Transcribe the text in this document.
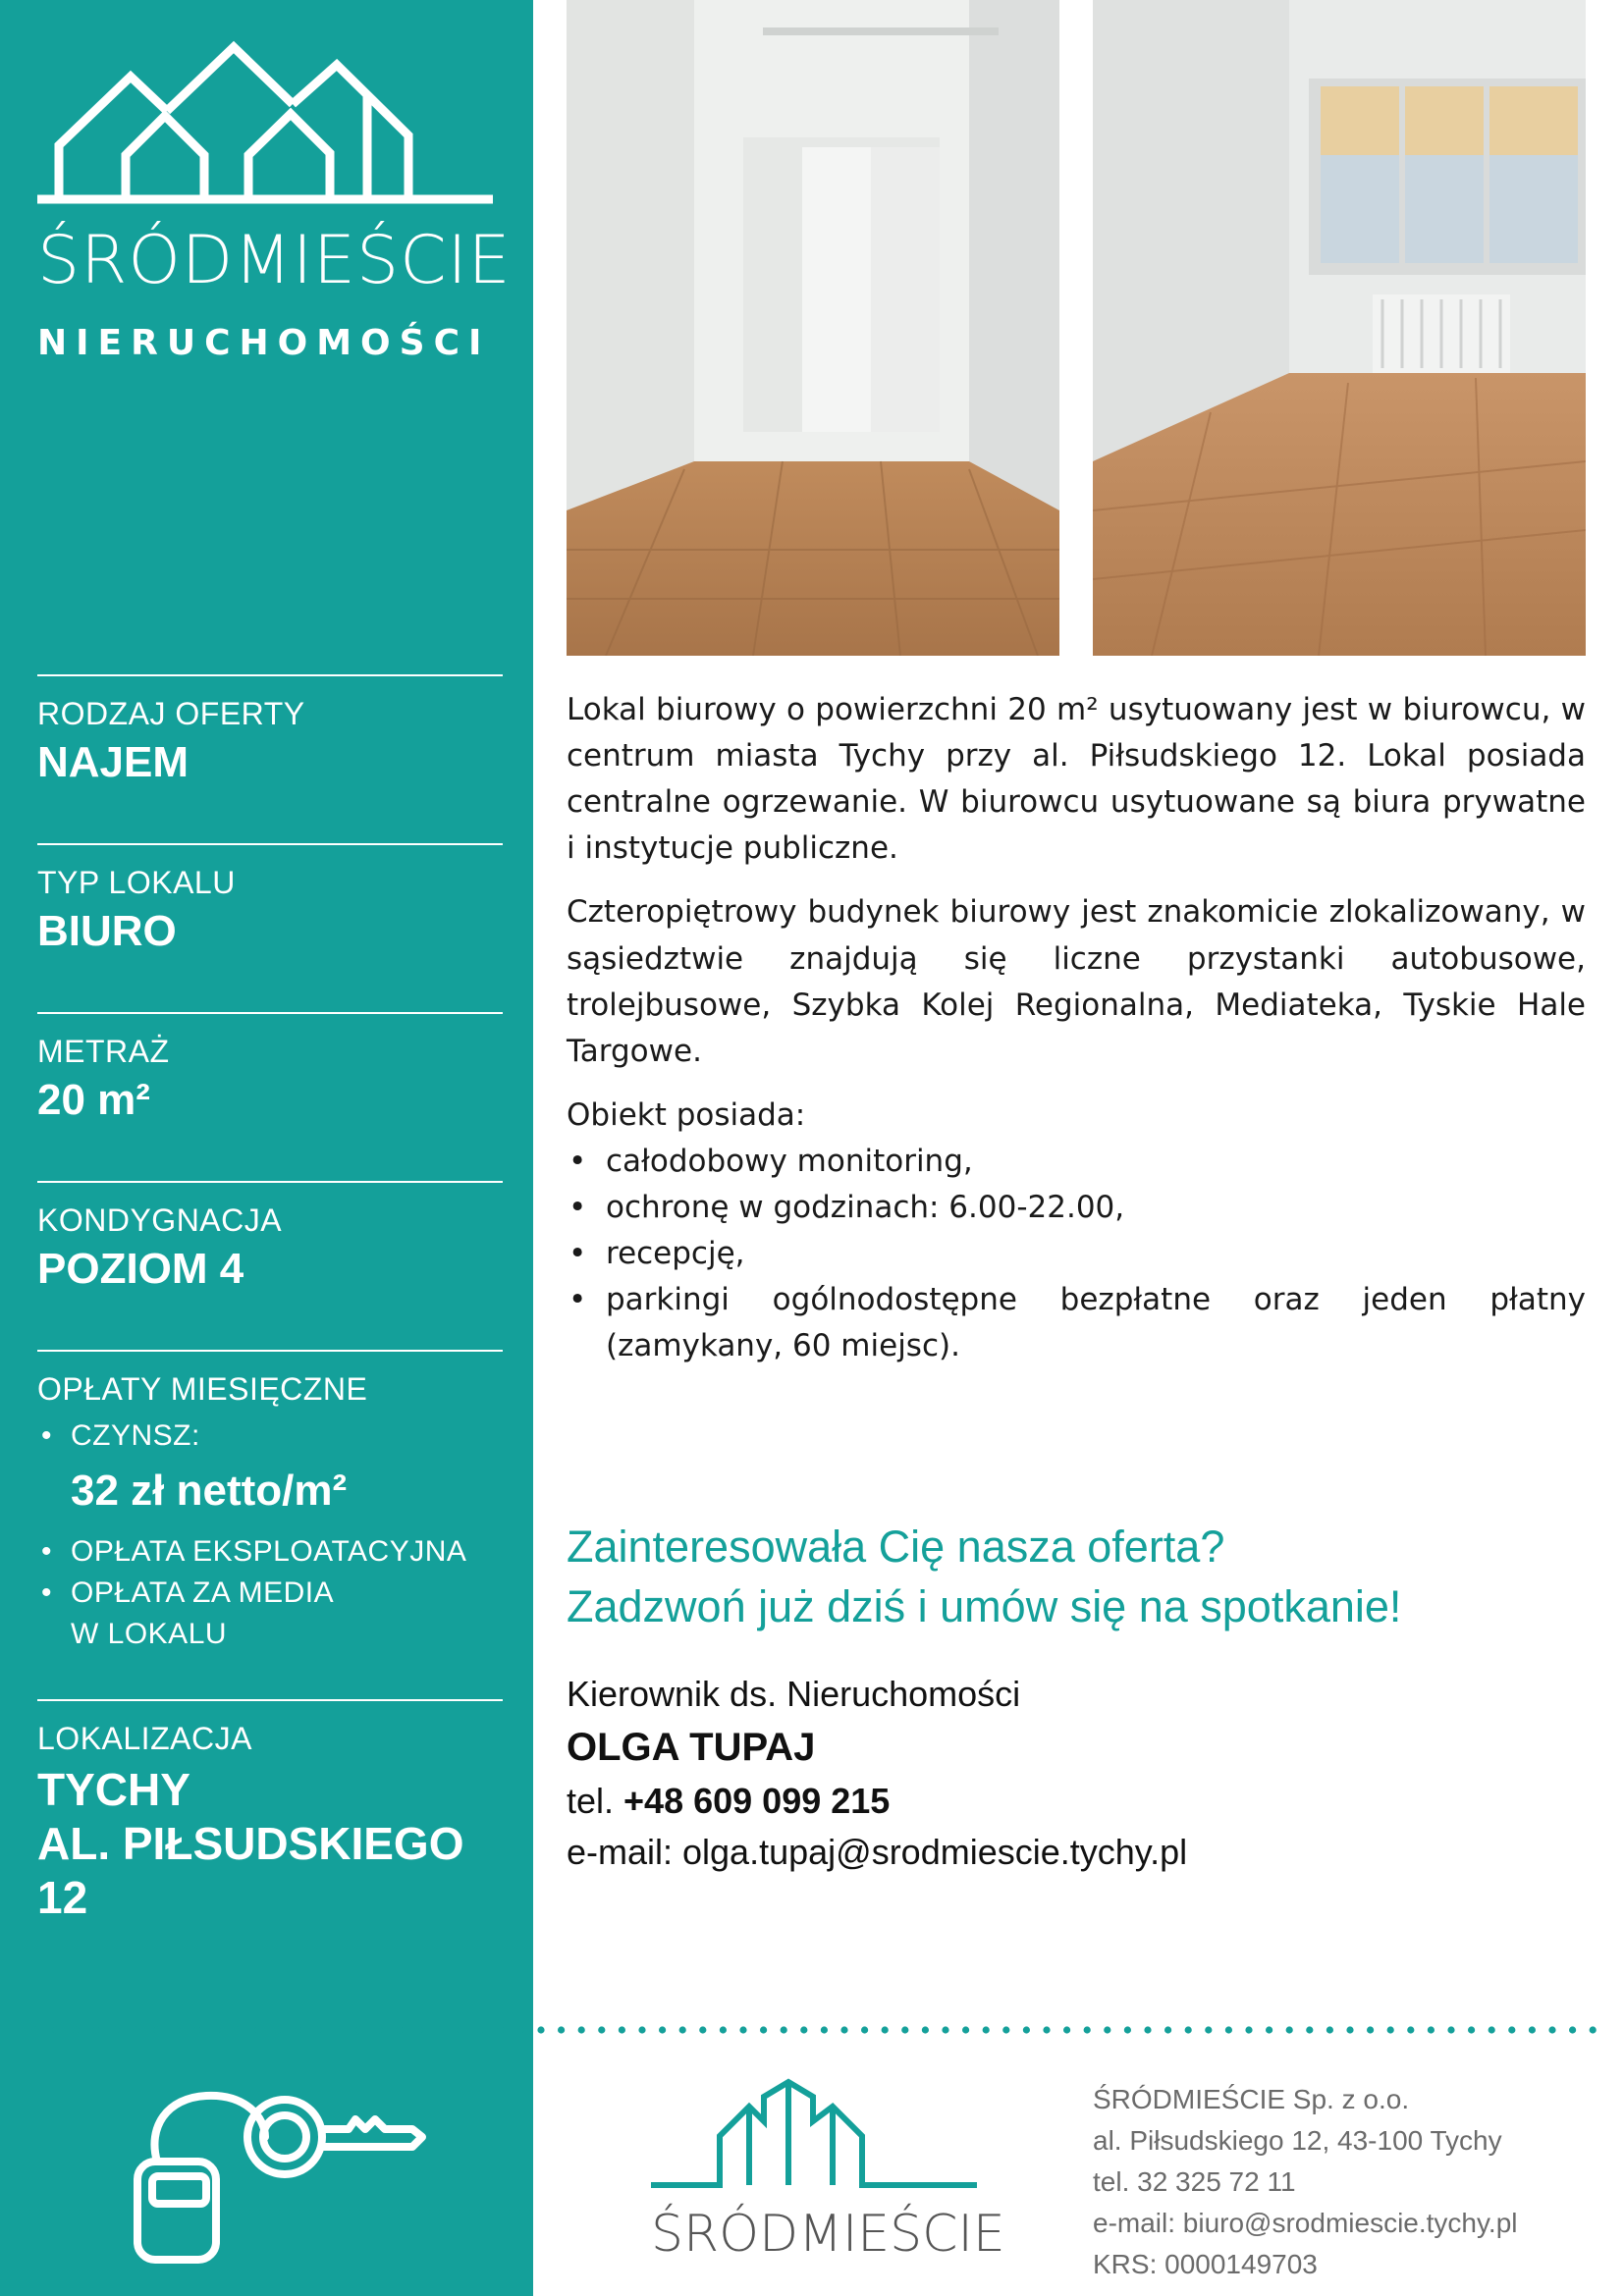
ŚRÓDMIEŚCIE
NIERUCHOMOŚCI
RODZAJ OFERTY
NAJEM
TYP LOKALU
BIURO
METRAŻ
20 m²
KONDYGNACJA
POZIOM 4
OPŁATY MIESIĘCZNE
• CZYNSZ:
32 zł netto/m²
• OPŁATA EKSPLOATACYJNA
• OPŁATA ZA MEDIA W LOKALU
LOKALIZACJA
TYCHY
AL. PIŁSUDSKIEGO 12

Lokal biurowy o powierzchni 20 m² usytuowany jest w biurowcu, w centrum miasta Tychy przy al. Piłsudskiego 12. Lokal posiada centralne ogrzewanie. W biurowcu usytuowane są biura prywatne i instytucje publiczne.

Czteropiętrowy budynek biurowy jest znakomicie zlokalizowany, w sąsiedztwie znajdują się liczne przystanki autobusowe, trolejbusowe, Szybka Kolej Regionalna, Mediateka, Tyskie Hale Targowe.

Obiekt posiada:

• całodobowy monitoring,
• ochronę w godzinach: 6.00-22.00,
• recepcję,
• parkingi ogólnodostępne bezpłatne oraz jeden płatny (zamykany, 60 miejsc).
Zainteresowała Cię nasza oferta?
Zadzwoń już dziś i umów się na spotkanie!
Kierownik ds. Nieruchomości
OLGA TUPAJ
tel. +48 609 099 215
e-mail: olga.tupaj@srodmiescie.tychy.pl
ŚRÓDMIEŚCIE
ŚRÓDMIEŚCIE Sp. z o.o.
al. Piłsudskiego 12, 43-100 Tychy
tel. 32 325 72 11
e-mail: biuro@srodmiescie.tychy.pl
KRS: 0000149703
